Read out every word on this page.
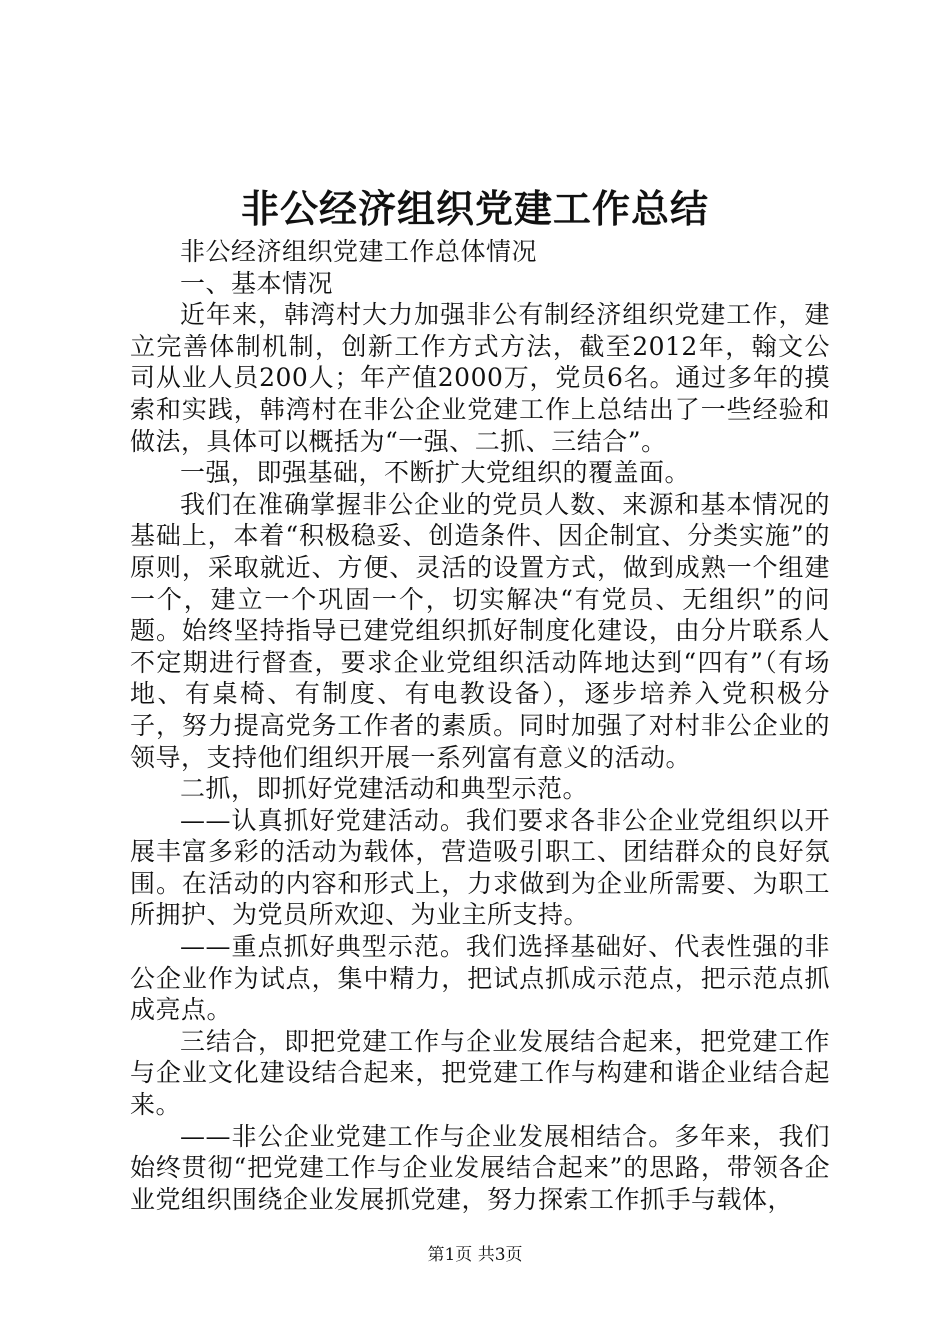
非公经济组织党建工作总结

非公经济组织党建工作总体情况

一、基本情况

近年来，韩湾村大力加强非公有制经济组织党建工作，建立完善体制机制，创新工作方式方法，截至2012年，翰文公司从业人员200人；年产值2000万，党员6名。通过多年的摸索和实践，韩湾村在非公企业党建工作上总结出了一些经验和做法，具体可以概括为“一强、二抓、三结合”。

一强，即强基础，不断扩大党组织的覆盖面。

我们在准确掌握非公企业的党员人数、来源和基本情况的基础上，本着“积极稳妥、创造条件、因企制宜、分类实施”的原则，采取就近、方便、灵活的设置方式，做到成熟一个组建一个，建立一个巩固一个，切实解决“有党员、无组织”的问题。始终坚持指导已建党组织抓好制度化建设，由分片联系人不定期进行督查，要求企业党组织活动阵地达到“四有”（有场地、有桌椅、有制度、有电教设备），逐步培养入党积极分子，努力提高党务工作者的素质。同时加强了对村非公企业的领导，支持他们组织开展一系列富有意义的活动。

二抓，即抓好党建活动和典型示范。

——认真抓好党建活动。我们要求各非公企业党组织以开展丰富多彩的活动为载体，营造吸引职工、团结群众的良好氛围。在活动的内容和形式上，力求做到为企业所需要、为职工所拥护、为党员所欢迎、为业主所支持。

——重点抓好典型示范。我们选择基础好、代表性强的非公企业作为试点，集中精力，把试点抓成示范点，把示范点抓成亮点。

三结合，即把党建工作与企业发展结合起来，把党建工作与企业文化建设结合起来，把党建工作与构建和谐企业结合起来。

——非公企业党建工作与企业发展相结合。多年来，我们始终贯彻“把党建工作与企业发展结合起来”的思路，带领各企业党组织围绕企业发展抓党建，努力探索工作抓手与载体，

第1页 共3页
